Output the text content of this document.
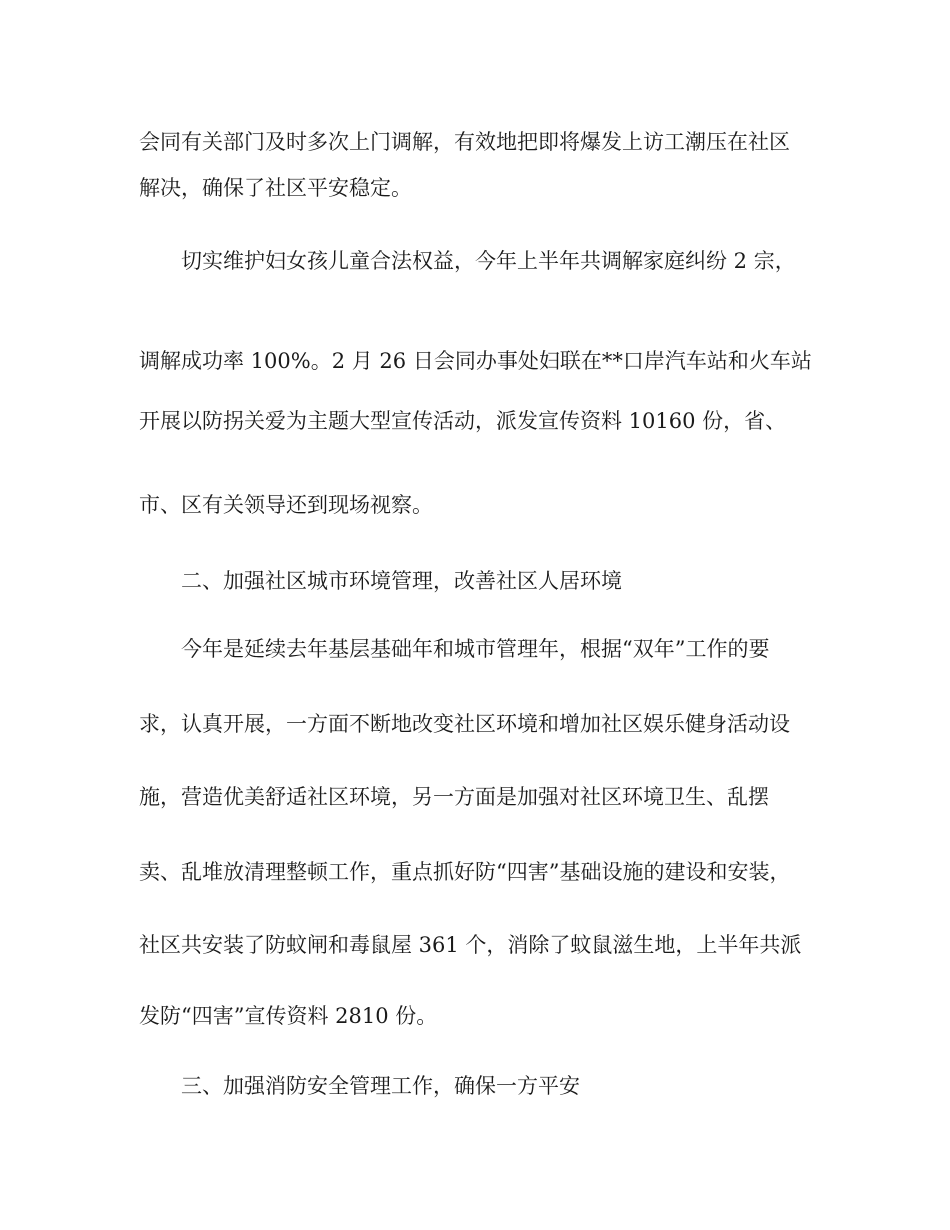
会同有关部门及时多次上门调解，有效地把即将爆发上访工潮压在社区

解决，确保了社区平安稳定。

切实维护妇女孩儿童合法权益，今年上半年共调解家庭纠纷 2 宗，

调解成功率 100%。2 月 26 日会同办事处妇联在**口岸汽车站和火车站

开展以防拐关爱为主题大型宣传活动，派发宣传资料 10160 份，省、

市、区有关领导还到现场视察。

二、加强社区城市环境管理，改善社区人居环境

今年是延续去年基层基础年和城市管理年，根据“双年”工作的要

求，认真开展，一方面不断地改变社区环境和增加社区娱乐健身活动设

施，营造优美舒适社区环境，另一方面是加强对社区环境卫生、乱摆

卖、乱堆放清理整顿工作，重点抓好防“四害”基础设施的建设和安装，

社区共安装了防蚊闸和毒鼠屋 361 个，消除了蚊鼠滋生地，上半年共派

发防“四害”宣传资料 2810 份。

三、加强消防安全管理工作，确保一方平安
